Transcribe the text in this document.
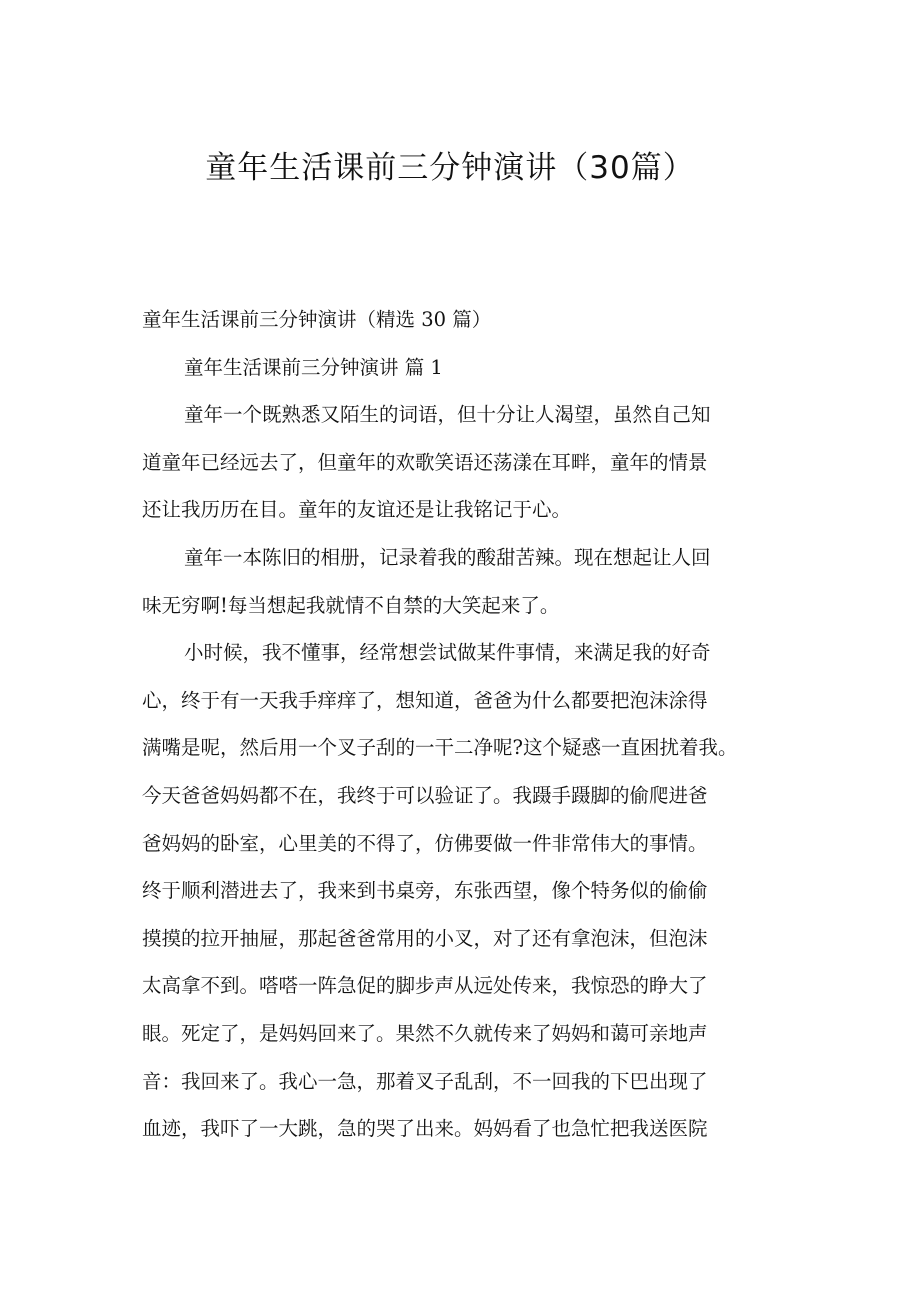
童年生活课前三分钟演讲（30篇）
童年生活课前三分钟演讲（精选 30 篇）
童年生活课前三分钟演讲 篇 1
童年一个既熟悉又陌生的词语，但十分让人渴望，虽然自己知
道童年已经远去了，但童年的欢歌笑语还荡漾在耳畔，童年的情景
还让我历历在目。童年的友谊还是让我铭记于心。
童年一本陈旧的相册，记录着我的酸甜苦辣。现在想起让人回
味无穷啊!每当想起我就情不自禁的大笑起来了。
小时候，我不懂事，经常想尝试做某件事情，来满足我的好奇
心，终于有一天我手痒痒了，想知道，爸爸为什么都要把泡沫涂得
满嘴是呢，然后用一个叉子刮的一干二净呢?这个疑惑一直困扰着我。
今天爸爸妈妈都不在，我终于可以验证了。我蹑手蹑脚的偷爬进爸
爸妈妈的卧室，心里美的不得了，仿佛要做一件非常伟大的事情。
终于顺利潜进去了，我来到书桌旁，东张西望，像个特务似的偷偷
摸摸的拉开抽屉，那起爸爸常用的小叉，对了还有拿泡沫，但泡沫
太高拿不到。嗒嗒一阵急促的脚步声从远处传来，我惊恐的睁大了
眼。死定了，是妈妈回来了。果然不久就传来了妈妈和蔼可亲地声
音：我回来了。我心一急，那着叉子乱刮，不一回我的下巴出现了
血迹，我吓了一大跳，急的哭了出来。妈妈看了也急忙把我送医院
